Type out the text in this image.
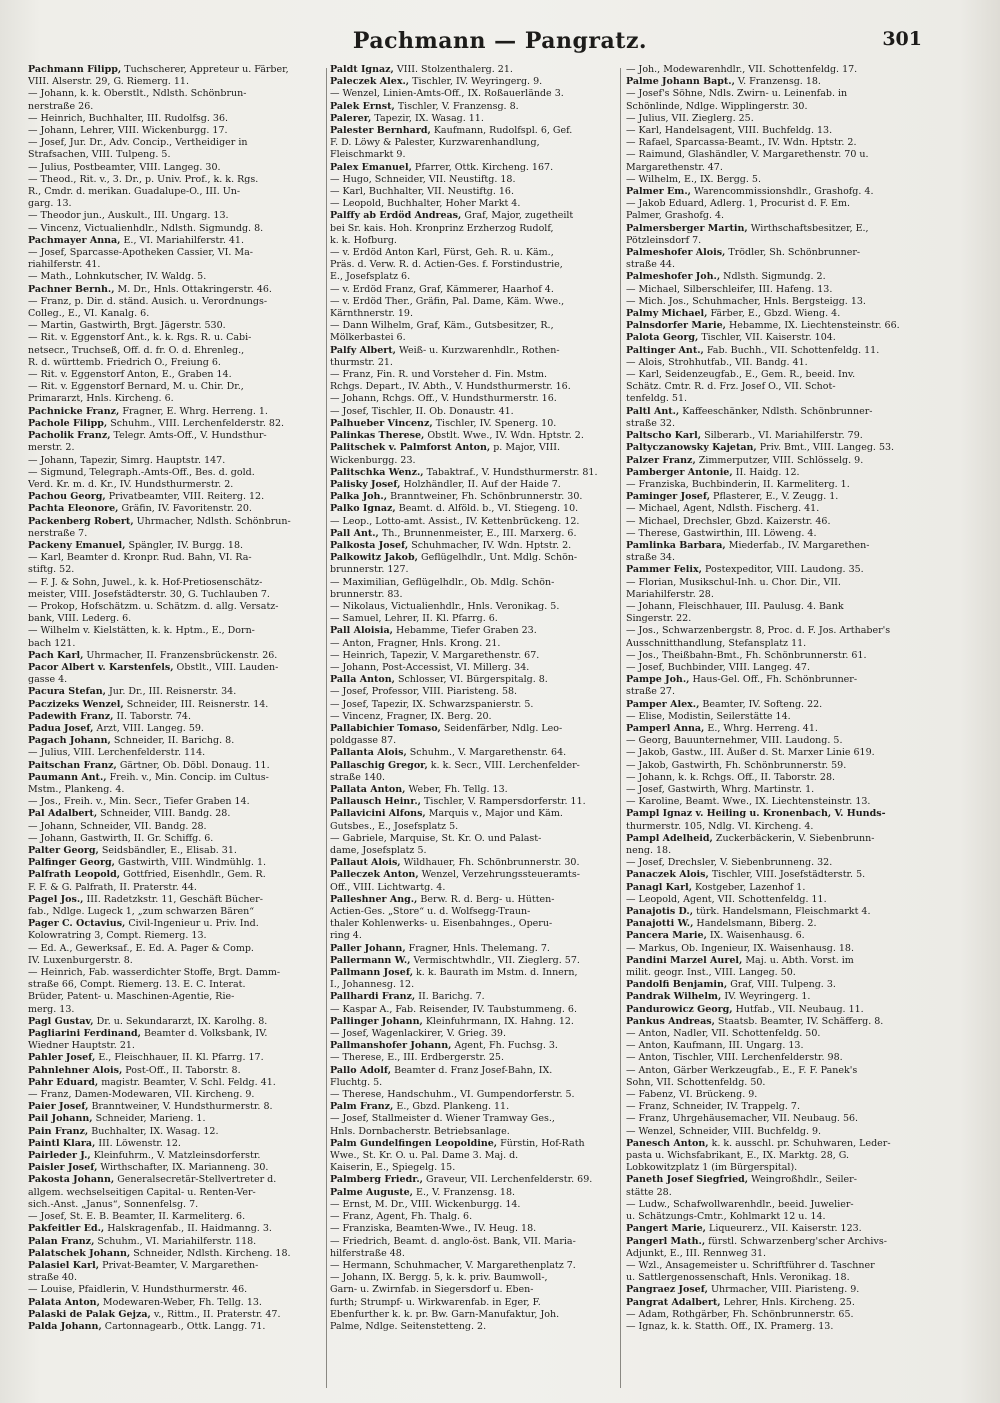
Pachmann — Pangratz.	301

Pachmann Filipp, Tuchscherer, Appreteur u. Färber,

VIII. Alserstr. 29, G. Riemerg. 11.

— Johann, k. k. Oberstlt., Ndlsth. Schönbrun-

nerstraße 26.

— Heinrich, Buchhalter, III. Rudolfsg. 36.

— Johann, Lehrer, VIII. Wickenburgg. 17.

— Josef, Jur. Dr., Adv. Concip., Vertheidiger in

Strafsachen, VIII. Tulpeng. 5.

— Julius, Postbeamter, VIII. Langeg. 30.

— Theod., Rit. v., 3. Dr., p. Univ. Prof., k. k. Rgs.

R., Cmdr. d. merikan. Guadalupe-O., III. Un-

garg. 13.

— Theodor jun., Auskult., III. Ungarg. 13.

— Vincenz, Victualienhdlr., Ndlsth. Sigmundg. 8.

Pachmayer Anna, E., VI. Mariahilferstr. 41.

— Josef, Sparcasse-Apotheken Cassier, VI. Ma-

riahilferstr. 41.

— Math., Lohnkutscher, IV. Waldg. 5.

Pachner Bernh., M. Dr., Hnls. Ottakringerstr. 46.

— Franz, p. Dir. d. ständ. Ausich. u. Verordnungs-

Colleg., E., VI. Kanalg. 6.

— Martin, Gastwirth, Brgt. Jägerstr. 530.

— Rit. v. Eggenstorf Ant., k. k. Rgs. R. u. Cabi-

netsecr., Truchseß, Off. d. fr. O. d. Ehrenleg.,

R. d. württemb. Friedrich O., Freiung 6.

— Rit. v. Eggenstorf Anton, E., Graben 14.

— Rit. v. Eggenstorf Bernard, M. u. Chir. Dr.,

Primararzt, Hnls. Kircheng. 6.

Pachnicke Franz, Fragner, E. Whrg. Herreng. 1.

Pachole Filipp, Schuhm., VIII. Lerchenfelderstr. 82.

Pacholik Franz, Telegr. Amts-Off., V. Hundsthur-

merstr. 2.

— Johann, Tapezir, Simrg. Hauptstr. 147.

— Sigmund, Telegraph.-Amts-Off., Bes. d. gold.

Verd. Kr. m. d. Kr., IV. Hundsthurmerstr. 2.

Pachou Georg, Privatbeamter, VIII. Reiterg. 12.

Pachta Eleonore, Gräfin, IV. Favoritenstr. 20.

Packenberg Robert, Uhrmacher, Ndlsth. Schönbrun-

nerstraße 7.

Packeny Emanuel, Spängler, IV. Burgg. 18.

— Karl, Beamter d. Kronpr. Rud. Bahn, VI. Ra-

stiftg. 52.

— F. J. & Sohn, Juwel., k. k. Hof-Pretiosenschätz-

meister, VIII. Josefstädterstr. 30, G. Tuchlauben 7.

— Prokop, Hofschätzm. u. Schätzm. d. allg. Versatz-

bank, VIII. Lederg. 6.

— Wilhelm v. Kielstätten, k. k. Hptm., E., Dorn-

bach 121.

Pach Karl, Uhrmacher, II. Franzensbrückenstr. 26.

Pacor Albert v. Karstenfels, Obstlt., VIII. Lauden-

gasse 4.

Pacura Stefan, Jur. Dr., III. Reisnerstr. 34.

Paczizeks Wenzel, Schneider, III. Reisnerstr. 14.

Padewith Franz, II. Taborstr. 74.

Padua Josef, Arzt, VIII. Langeg. 59.

Pagach Johann, Schneider, II. Barichg. 8.

— Julius, VIII. Lerchenfelderstr. 114.

Paitschan Franz, Gärtner, Ob. Döbl. Donaug. 11.

Paumann Ant., Freih. v., Min. Concip. im Cultus-

Mstm., Plankeng. 4.

— Jos., Freih. v., Min. Secr., Tiefer Graben 14.

Pal Adalbert, Schneider, VIII. Bandg. 28.

— Johann, Schneider, VII. Bandg. 28.

— Johann, Gastwirth, II. Gr. Schiffg. 6.

Palter Georg, Seidsbändler, E., Elisab. 31.

Palfinger Georg, Gastwirth, VIII. Windmühlg. 1.

Palfrath Leopold, Gottfried, Eisenhdlr., Gem. R.

F. F. & G. Palfrath, II. Praterstr. 44.

Pagel Jos., III. Radetzkstr. 11, Geschäft Bücher-

fab., Ndlge. Lugeck 1, „zum schwarzen Bären“

Pager C. Octavius, Civil-Ingenieur u. Priv. Ind.

Kolowratring 3, Compt. Riemerg. 13.

— Ed. A., Gewerksaf., E. Ed. A. Pager & Comp.

IV. Luxenburgerstr. 8.

— Heinrich, Fab. wasserdichter Stoffe, Brgt. Damm-

straße 66, Compt. Riemerg. 13. E. C. Interat.

Brüder, Patent- u. Maschinen-Agentie, Rie-

merg. 13.

Pagl Gustav, Dr. u. Sekundararzt, IX. Karolhg. 8.

Pagliarini Ferdinand, Beamter d. Volksbank, IV.

Wiedner Hauptstr. 21.

Pahler Josef, E., Fleischhauer, II. Kl. Pfarrg. 17.

Pahnlehner Alois, Post-Off., II. Taborstr. 8.

Pahr Eduard, magistr. Beamter, V. Schl. Feldg. 41.

— Franz, Damen-Modewaren, VII. Kircheng. 9.

Paier Josef, Branntweiner, V. Hundsthurmerstr. 8.

Pail Johann, Schneider, Marieng. 1.

Pain Franz, Buchhalter, IX. Wasag. 12.

Paintl Klara, III. Löwenstr. 12.

Pairleder J., Kleinfuhrm., V. Matzleinsdorferstr.

Paisler Josef, Wirthschafter, IX. Marianneng. 30.

Pakosta Johann, Generalsecretär-Stellvertreter d.

allgem. wechselseitigen Capital- u. Renten-Ver-

sich.-Anst. „Janus“, Sonnenfelsg. 7.

— Josef, St. E. B. Beamter, II. Karmeliterg. 6.

Pakfeitler Ed., Halskragenfab., II. Haidmanng. 3.

Palan Franz, Schuhm., VI. Mariahilferstr. 118.

Palatschek Johann, Schneider, Ndlsth. Kircheng. 18.

Palasiel Karl, Privat-Beamter, V. Margarethen-

straße 40.

— Louise, Pfaidlerin, V. Hundsthurmerstr. 46.

Palata Anton, Modewaren-Weber, Fh. Tellg. 13.

Palaski de Palak Gejza, v., Rittm., II. Praterstr. 47.

Palda Johann, Cartonnagearb., Ottk. Langg. 71.

Paldt Ignaz, VIII. Stolzenthalerg. 21.

Paleczek Alex., Tischler, IV. Weyringerg. 9.

— Wenzel, Linien-Amts-Off., IX. Roßauerlände 3.

Palek Ernst, Tischler, V. Franzensg. 8.

Palerer, Tapezir, IX. Wasag. 11.

Palester Bernhard, Kaufmann, Rudolfspl. 6, Gef.

F. D. Löwy & Palester, Kurzwarenhandlung,

Fleischmarkt 9.

Palex Emanuel, Pfarrer, Ottk. Kircheng. 167.

— Hugo, Schneider, VII. Neustiftg. 18.

— Karl, Buchhalter, VII. Neustiftg. 16.

— Leopold, Buchhalter, Hoher Markt 4.

Palffy ab Erdöd Andreas, Graf, Major, zugetheilt

bei Sr. kais. Hoh. Kronprinz Erzherzog Rudolf,

k. k. Hofburg.

— v. Erdöd Anton Karl, Fürst, Geh. R. u. Käm.,

Präs. d. Verw. R. d. Actien-Ges. f. Forstindustrie,

E., Josefsplatz 6.

— v. Erdöd Franz, Graf, Kämmerer, Haarhof 4.

— v. Erdöd Ther., Gräfin, Pal. Dame, Käm. Wwe.,

Kärnthnerstr. 19.

— Dann Wilhelm, Graf, Käm., Gutsbesitzer, R.,

Mölkerbastei 6.

Palfy Albert, Weiß- u. Kurzwarenhdlr., Rothen-

thurmstr. 21.

— Franz, Fin. R. und Vorsteher d. Fin. Mstm.

Rchgs. Depart., IV. Abth., V. Hundsthurmerstr. 16.

— Johann, Rchgs. Off., V. Hundsthurmerstr. 16.

— Josef, Tischler, II. Ob. Donaustr. 41.

Palhueber Vincenz, Tischler, IV. Spenerg. 10.

Palinkas Therese, Obstlt. Wwe., IV. Wdn. Hptstr. 2.

Palitschek v. Palmforst Anton, p. Major, VIII.

Wickenburgg. 23.

Palitschka Wenz., Tabaktraf., V. Hundsthurmerstr. 81.

Palisky Josef, Holzhändler, II. Auf der Haide 7.

Palka Joh., Branntweiner, Fh. Schönbrunnerstr. 30.

Palko Ignaz, Beamt. d. Alföld. b., VI. Stiegeng. 10.

— Leop., Lotto-amt. Assist., IV. Kettenbrückeng. 12.

Pall Ant., Th., Brunnenmeister, E., III. Marxerg. 6.

Palkosta Josef, Schuhmacher, IV. Wdn. Hptstr. 2.

Palkowitz Jakob, Geflügelhdlr., Unt. Mdlg. Schön-

brunnerstr. 127.

— Maximilian, Geflügelhdlr., Ob. Mdlg. Schön-

brunnerstr. 83.

— Nikolaus, Victualienhdlr., Hnls. Veronikag. 5.

— Samuel, Lehrer, II. Kl. Pfarrg. 6.

Pall Aloisia, Hebamme, Tiefer Graben 23.

— Anton, Fragner, Hnls. Krong. 21.

— Heinrich, Tapezir, V. Margarethenstr. 67.

— Johann, Post-Accessist, VI. Millerg. 34.

Palla Anton, Schlosser, VI. Bürgerspitalg. 8.

— Josef, Professor, VIII. Piaristeng. 58.

— Josef, Tapezir, IX. Schwarzspanierstr. 5.

— Vincenz, Fragner, IX. Berg. 20.

Pallabichier Tomaso, Seidenfärber, Ndlg. Leo-

poldgasse 87.

Pallanta Alois, Schuhm., V. Margarethenstr. 64.

Pallaschig Gregor, k. k. Secr., VIII. Lerchenfelder-

straße 140.

Pallata Anton, Weber, Fh. Tellg. 13.

Pallausch Heinr., Tischler, V. Rampersdorferstr. 11.

Pallavicini Alfons, Marquis v., Major und Käm.

Gutsbes., E., Josefsplatz 5.

— Gabriele, Marquise, St. Kr. O. und Palast-

dame, Josefsplatz 5.

Pallaut Alois, Wildhauer, Fh. Schönbrunnerstr. 30.

Palleczek Anton, Wenzel, Verzehrungssteueramts-

Off., VIII. Lichtwartg. 4.

Palleshner Ang., Berw. R. d. Berg- u. Hütten-

Actien-Ges. „Store“ u. d. Wolfsegg-Traun-

thaler Kohlenwerks- u. Eisenbahnges., Operu-

ring 4.

Paller Johann, Fragner, Hnls. Thelemang. 7.

Pallermann W., Vermischtwhdlr., VII. Zieglerg. 57.

Pallmann Josef, k. k. Baurath im Mstm. d. Innern,

I., Johannesg. 12.

Pallhardi Franz, II. Barichg. 7.

— Kaspar A., Fab. Reisender, IV. Taubstummeng. 6.

Pallinger Johann, Kleinfuhrmann, IX. Hahng. 12.

— Josef, Wagenlackirer, V. Grieg. 39.

Pallmanshofer Johann, Agent, Fh. Fuchsg. 3.

— Therese, E., III. Erdbergerstr. 25.

Pallo Adolf, Beamter d. Franz Josef-Bahn, IX.

Fluchtg. 5.

— Therese, Handschuhm., VI. Gumpendorferstr. 5.

Palm Franz, E., Gbzd. Plankeng. 11.

— Josef, Stallmeister d. Wiener Tramway Ges.,

Hnls. Dornbacherstr. Betriebsanlage.

Palm Gundelfingen Leopoldine, Fürstin, Hof-Rath

Wwe., St. Kr. O. u. Pal. Dame 3. Maj. d.

Kaiserin, E., Spiegelg. 15.

Palmberg Friedr., Graveur, VII. Lerchenfelderstr. 69.

Palme Auguste, E., V. Franzensg. 18.

— Ernst, M. Dr., VIII. Wickenburgg. 14.

— Franz, Agent, Fh. Thalg. 6.

— Franziska, Beamten-Wwe., IV. Heug. 18.

— Friedrich, Beamt. d. anglo-öst. Bank, VII. Maria-

hilferstraße 48.

— Hermann, Schuhmacher, V. Margarethenplatz 7.

— Johann, IX. Bergg. 5, k. k. priv. Baumwoll-,

Garn- u. Zwirnfab. in Siegersdorf u. Eben-

furth; Strumpf- u. Wirkwarenfab. in Eger, F.

Ebenfurther k. k. pr. Bw. Garn-Manufaktur, Joh.

Palme, Ndlge. Seitenstetteng. 2.

— Joh., Modewarenhdlr., VII. Schottenfeldg. 17.

Palme Johann Bapt., V. Franzensg. 18.

— Josef's Söhne, Ndls. Zwirn- u. Leinenfab. in

Schönlinde, Ndlge. Wipplingerstr. 30.

— Julius, VII. Zieglerg. 25.

— Karl, Handelsagent, VIII. Buchfeldg. 13.

— Rafael, Sparcassa-Beamt., IV. Wdn. Hptstr. 2.

— Raimund, Glashändler, V. Margarethenstr. 70 u.

Margarethenstr. 47.

— Wilhelm, E., IX. Bergg. 5.

Palmer Em., Warencommissionshdlr., Grashofg. 4.

— Jakob Eduard, Adlerg. 1, Procurist d. F. Em.

Palmer, Grashofg. 4.

Palmersberger Martin, Wirthschaftsbesitzer, E.,

Pötzleinsdorf 7.

Palmeshofer Alois, Trödler, Sh. Schönbrunner-

straße 44.

Palmeshofer Joh., Ndlsth. Sigmundg. 2.

— Michael, Silberschleifer, III. Hafeng. 13.

— Mich. Jos., Schuhmacher, Hnls. Bergsteigg. 13.

Palmy Michael, Färber, E., Gbzd. Wieng. 4.

Palnsdorfer Marie, Hebamme, IX. Liechtensteinstr. 66.

Palota Georg, Tischler, VII. Kaiserstr. 104.

Paltinger Ant., Fab. Buchh., VII. Schottenfeldg. 11.

— Alois, Strohhutfab., VII. Bandg. 41.

— Karl, Seidenzeugfab., E., Gem. R., beeid. Inv.

Schätz. Cmtr. R. d. Frz. Josef O., VII. Schot-

tenfeldg. 51.

Paltl Ant., Kaffeeschänker, Ndlsth. Schönbrunner-

straße 32.

Paltscho Karl, Silberarb., VI. Mariahilferstr. 79.

Paltyczanowsky Kajetan, Priv. Bmt., VIII. Langeg. 53.

Palzer Franz, Zimmerputzer, VIII. Schlösselg. 9.

Pamberger Antonie, II. Haidg. 12.

— Franziska, Buchbinderin, II. Karmeliterg. 1.

Paminger Josef, Pflasterer, E., V. Zeugg. 1.

— Michael, Agent, Ndlsth. Fischerg. 41.

— Michael, Drechsler, Gbzd. Kaizerstr. 46.

— Therese, Gastwirthin, III. Löweng. 4.

Pamlinka Barbara, Miederfab., IV. Margarethen-

straße 34.

Pammer Felix, Postexpeditor, VIII. Laudong. 35.

— Florian, Musikschul-Inh. u. Chor. Dir., VII.

Mariahilferstr. 28.

— Johann, Fleischhauer, III. Paulusg. 4. Bank

Singerstr. 22.

— Jos., Schwarzenbergstr. 8, Proc. d. F. Jos. Arthaber's

Ausschnitthandlung, Stefansplatz 11.

— Jos., Theißbahn-Bmt., Fh. Schönbrunnerstr. 61.

— Josef, Buchbinder, VIII. Langeg. 47.

Pampe Joh., Haus-Gel. Off., Fh. Schönbrunner-

straße 27.

Pamper Alex., Beamter, IV. Softeng. 22.

— Elise, Modistin, Seilerstätte 14.

Pamperl Anna, E., Whrg. Herreng. 41.

— Georg, Bauunternehmer, VIII. Laudong. 5.

— Jakob, Gastw., III. Äußer d. St. Marxer Linie 619.

— Jakob, Gastwirth, Fh. Schönbrunnerstr. 59.

— Johann, k. k. Rchgs. Off., II. Taborstr. 28.

— Josef, Gastwirth, Whrg. Martinstr. 1.

— Karoline, Beamt. Wwe., IX. Liechtensteinstr. 13.

Pampl Ignaz v. Heiling u. Kronenbach, V. Hunds-

thurmerstr. 105, Ndlg. VI. Kircheng. 4.

Pampl Adelheid, Zuckerbäckerin, V. Siebenbrunn-

neng. 18.

— Josef, Drechsler, V. Siebenbrunneng. 32.

Panaczek Alois, Tischler, VIII. Josefstädterstr. 5.

Panagl Karl, Kostgeber, Lazenhof 1.

— Leopold, Agent, VII. Schottenfeldg. 11.

Panajotis D., türk. Handelsmann, Fleischmarkt 4.

Panajotti W., Handelsmann, Biberg. 2.

Pancera Marie, IX. Waisenhausg. 6.

— Markus, Ob. Ingenieur, IX. Waisenhausg. 18.

Pandini Marzel Aurel, Maj. u. Abth. Vorst. im

milit. geogr. Inst., VIII. Langeg. 50.

Pandolfi Benjamin, Graf, VIII. Tulpeng. 3.

Pandrak Wilhelm, IV. Weyringerg. 1.

Pandurowicz Georg, Hutfab., VII. Neubaug. 11.

Pankus Andreas, Staatsb. Beamter, IV. Schäfferg. 8.

— Anton, Nadler, VII. Schottenfeldg. 50.

— Anton, Kaufmann, III. Ungarg. 13.

— Anton, Tischler, VIII. Lerchenfelderstr. 98.

— Anton, Gärber Werkzeugfab., E., F. F. Panek's

Sohn, VII. Schottenfeldg. 50.

— Fabenz, VI. Brückeng. 9.

— Franz, Schneider, IV. Trappelg. 7.

— Franz, Uhrgehäusemacher, VII. Neubaug. 56.

— Wenzel, Schneider, VIII. Buchfeldg. 9.

Panesch Anton, k. k. ausschl. pr. Schuhwaren, Leder-

pasta u. Wichsfabrikant, E., IX. Marktg. 28, G.

Lobkowitzplatz 1 (im Bürgerspital).

Paneth Josef Siegfried, Weingroßhdlr., Seiler-

stätte 28.

— Ludw., Schafwollwarenhdlr., beeid. Juwelier-

u. Schätzungs-Cmtr., Kohlmarkt 12 u. 14.

Pangert Marie, Liqueurerz., VII. Kaiserstr. 123.

Pangerl Math., fürstl. Schwarzenberg'scher Archivs-

Adjunkt, E., III. Rennweg 31.

— Wzl., Ansagemeister u. Schriftführer d. Taschner

u. Sattlergenossenschaft, Hnls. Veronikag. 18.

Pangraez Josef, Uhrmacher, VIII. Piaristeng. 9.

Pangrat Adalbert, Lehrer, Hnls. Kircheng. 25.

— Adam, Rothgärber, Fh. Schönbrunnerstr. 65.

— Ignaz, k. k. Statth. Off., IX. Pramerg. 13.
